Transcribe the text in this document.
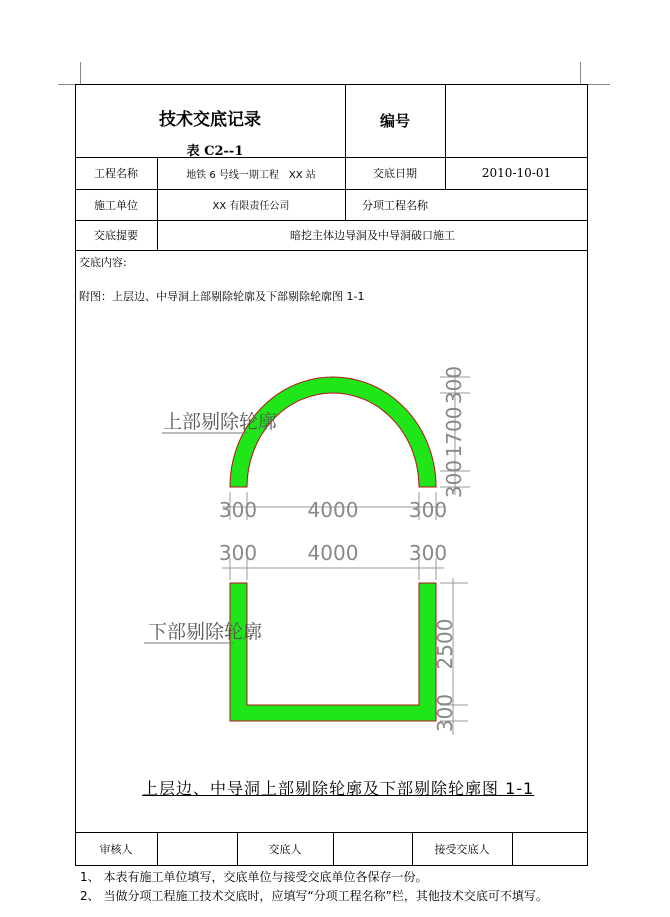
技术交底记录
表 C2--1
编号
工程名称	地铁 6 号线一期工程　XX 站	交底日期	2010-10-01
施工单位	XX 有限责任公司	分项工程名称
交底提要	暗挖主体边导洞及中导洞破口施工
交底内容:
附图：上层边、中导洞上部剔除轮廓及下部剔除轮廓图 1-1
300	4000	300
300
1700
300
300	4000	300
2500
300
上部剔除轮廓
下部剔除轮廓
上层边、中导洞上部剔除轮廓及下部剔除轮廓图 1-1
审核人	交底人	接受交底人
1、 本表有施工单位填写，交底单位与接受交底单位各保存一份。
2、 当做分项工程施工技术交底时，应填写“分项工程名称”栏，其他技术交底可不填写。
